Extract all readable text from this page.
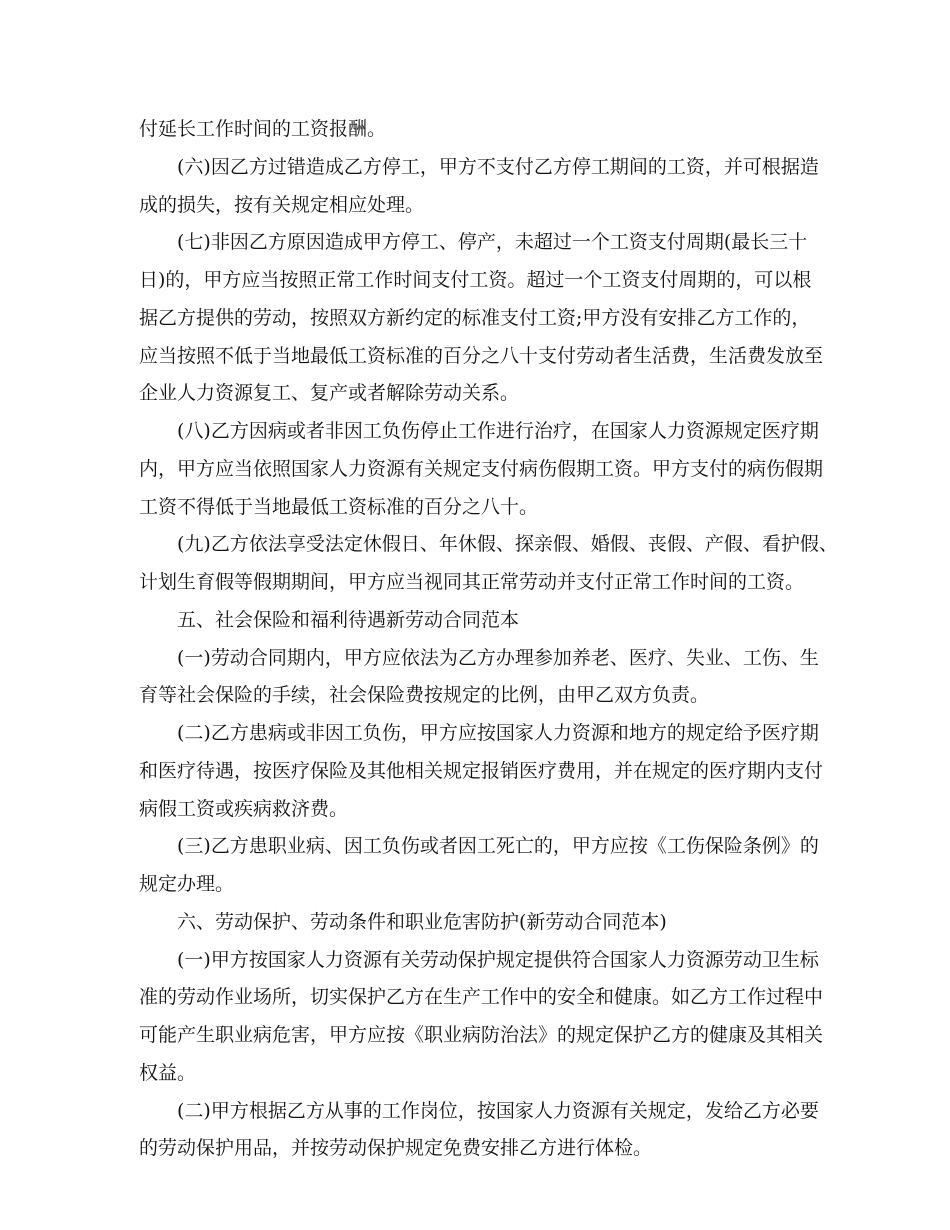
付延长工作时间的工资报酬。
(六)因乙方过错造成乙方停工，甲方不支付乙方停工期间的工资，并可根据造
成的损失，按有关规定相应处理。
(七)非因乙方原因造成甲方停工、停产，未超过一个工资支付周期(最长三十
日)的，甲方应当按照正常工作时间支付工资。超过一个工资支付周期的，可以根
据乙方提供的劳动，按照双方新约定的标准支付工资;甲方没有安排乙方工作的，
应当按照不低于当地最低工资标准的百分之八十支付劳动者生活费，生活费发放至
企业人力资源复工、复产或者解除劳动关系。
(八)乙方因病或者非因工负伤停止工作进行治疗，在国家人力资源规定医疗期
内，甲方应当依照国家人力资源有关规定支付病伤假期工资。甲方支付的病伤假期
工资不得低于当地最低工资标准的百分之八十。
(九)乙方依法享受法定休假日、年休假、探亲假、婚假、丧假、产假、看护假、
计划生育假等假期期间，甲方应当视同其正常劳动并支付正常工作时间的工资。
五、社会保险和福利待遇新劳动合同范本
(一)劳动合同期内，甲方应依法为乙方办理参加养老、医疗、失业、工伤、生
育等社会保险的手续，社会保险费按规定的比例，由甲乙双方负责。
(二)乙方患病或非因工负伤，甲方应按国家人力资源和地方的规定给予医疗期
和医疗待遇，按医疗保险及其他相关规定报销医疗费用，并在规定的医疗期内支付
病假工资或疾病救济费。
(三)乙方患职业病、因工负伤或者因工死亡的，甲方应按《工伤保险条例》的
规定办理。
六、劳动保护、劳动条件和职业危害防护(新劳动合同范本)
(一)甲方按国家人力资源有关劳动保护规定提供符合国家人力资源劳动卫生标
准的劳动作业场所，切实保护乙方在生产工作中的安全和健康。如乙方工作过程中
可能产生职业病危害，甲方应按《职业病防治法》的规定保护乙方的健康及其相关
权益。
(二)甲方根据乙方从事的工作岗位，按国家人力资源有关规定，发给乙方必要
的劳动保护用品，并按劳动保护规定免费安排乙方进行体检。
